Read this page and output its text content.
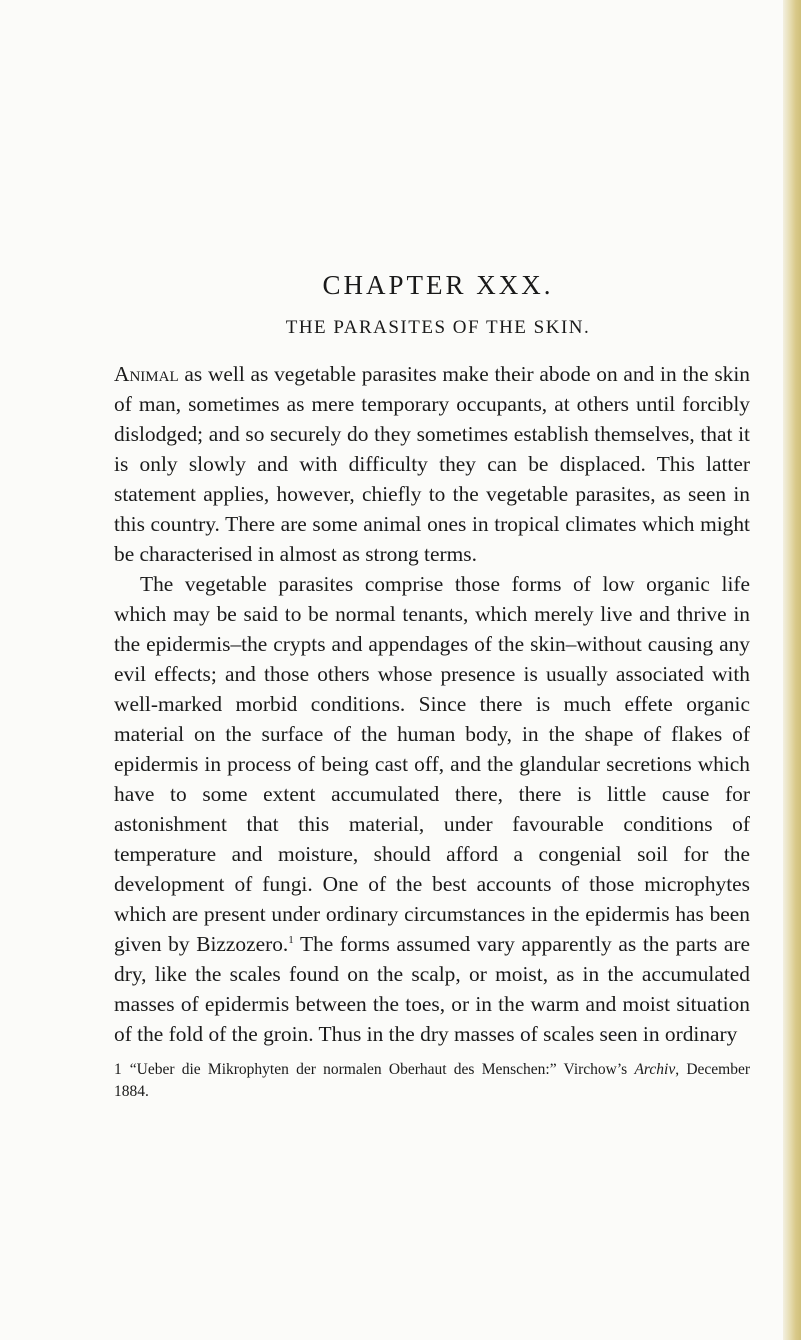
CHAPTER XXX.
THE PARASITES OF THE SKIN.

Animal as well as vegetable parasites make their abode on and in the skin of man, sometimes as mere temporary occupants, at others until forcibly dislodged; and so securely do they sometimes establish themselves, that it is only slowly and with difficulty they can be displaced. This latter statement applies, however, chiefly to the vegetable parasites, as seen in this country. There are some animal ones in tropical climates which might be characterised in almost as strong terms.

The vegetable parasites comprise those forms of low organic life which may be said to be normal tenants, which merely live and thrive in the epidermis–the crypts and appendages of the skin–without causing any evil effects; and those others whose presence is usually associated with well-marked morbid conditions. Since there is much effete organic material on the surface of the human body, in the shape of flakes of epidermis in process of being cast off, and the glandular secretions which have to some extent accumulated there, there is little cause for astonishment that this material, under favourable conditions of temperature and moisture, should afford a congenial soil for the development of fungi. One of the best accounts of those microphytes which are present under ordinary circumstances in the epidermis has been given by Bizzozero.$^1$ The forms assumed vary apparently as the parts are dry, like the scales found on the scalp, or moist, as in the accumulated masses of epidermis between the toes, or in the warm and moist situation of the fold of the groin. Thus in the dry masses of scales seen in ordinary

1 “Ueber die Mikrophyten der normalen Oberhaut des Menschen:” Virchow’s Archiv, December 1884.
